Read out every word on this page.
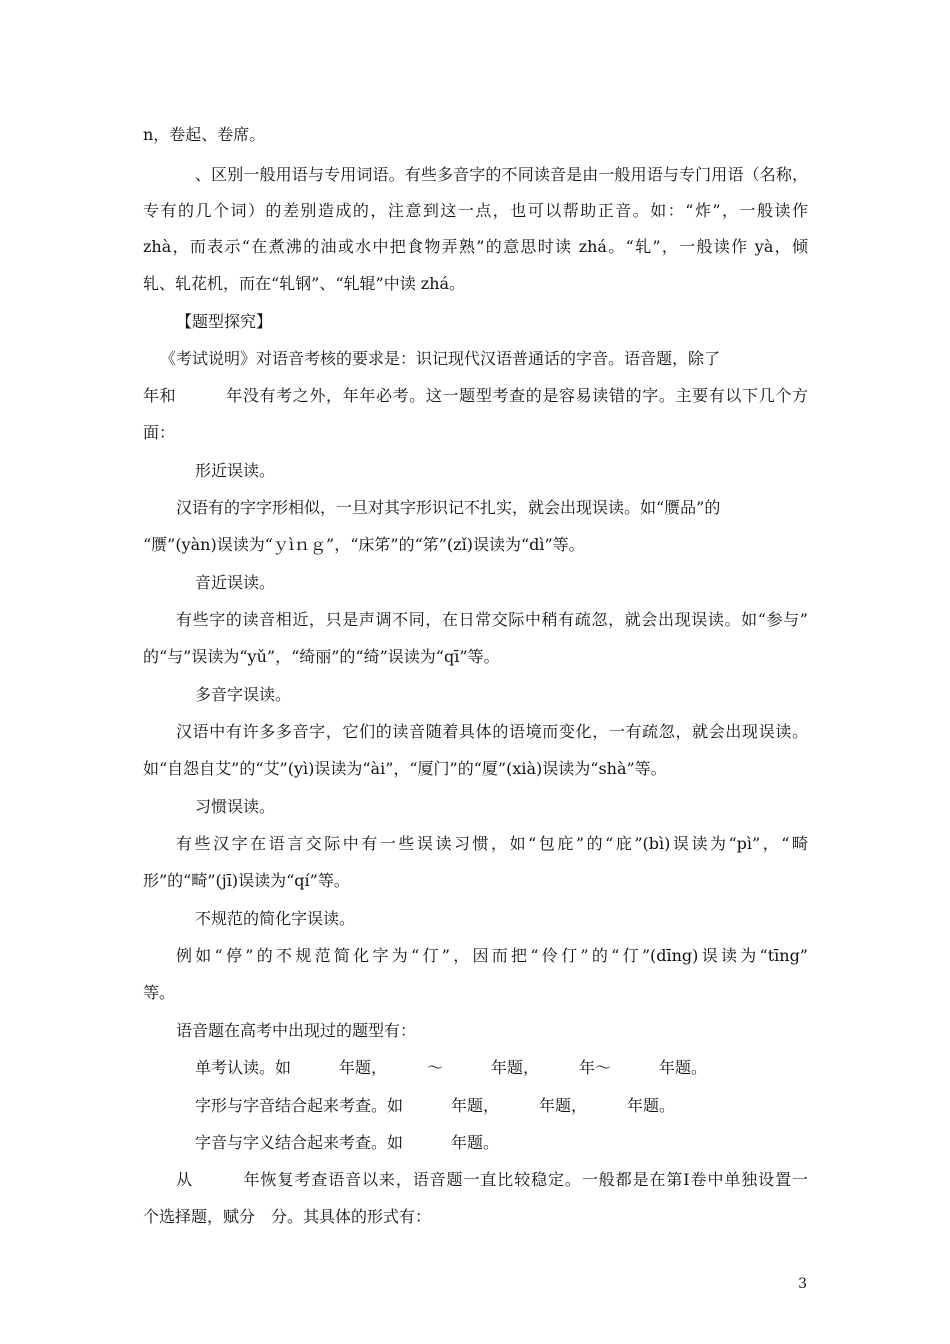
n，卷起、卷席。
、区别一般用语与专用词语。有些多音字的不同读音是由一般用语与专门用语（名称，
专有的几个词）的差别造成的，注意到这一点，也可以帮助正音。如：“炸”，一般读作
zhà，而表示“在煮沸的油或水中把食物弄熟”的意思时读 zhá。“轧”，一般读作 yà，倾
轧、轧花机，而在“轧钢”、“轧辊”中读 zhá。
【题型探究】
《考试说明》对语音考核的要求是：识记现代汉语普通话的字音。语音题，除了
年和　　　年没有考之外，年年必考。这一题型考查的是容易读错的字。主要有以下几个方
面：
形近误读。
汉语有的字字形相似，一旦对其字形识记不扎实，就会出现误读。如“赝品”的
“赝”(yàn)误读为“ｙìｎｇ”，“床笫”的“笫”(zǐ)误读为“dì”等。
音近误读。
有些字的读音相近，只是声调不同，在日常交际中稍有疏忽，就会出现误读。如“参与”
的“与”误读为“yǔ”，“绮丽”的“绮”误读为“qī”等。
多音字误读。
汉语中有许多多音字，它们的读音随着具体的语境而变化，一有疏忽，就会出现误读。
如“自怨自艾”的“艾”(yì)误读为“ài”，“厦门”的“厦”(xià)误读为“shà”等。
习惯误读。
有些汉字在语言交际中有一些误读习惯，如“包庇”的“庇”(bì)误读为“pì”，“畸
形”的“畸”(jī)误读为“qí”等。
不规范的简化字误读。
例如“停”的不规范简化字为“仃”，因而把“伶仃”的“仃”(dīng)误读为“tīng”
等。
语音题在高考中出现过的题型有：
单考认读。如　　　年题，　　　～　　　年题，　　　年～　　　年题。
字形与字音结合起来考查。如　　　年题，　　　年题，　　　年题。
字音与字义结合起来考查。如　　　年题。
从　　　年恢复考查语音以来，语音题一直比较稳定。一般都是在第Ⅰ卷中单独设置一
个选择题，赋分　分。其具体的形式有：
3
